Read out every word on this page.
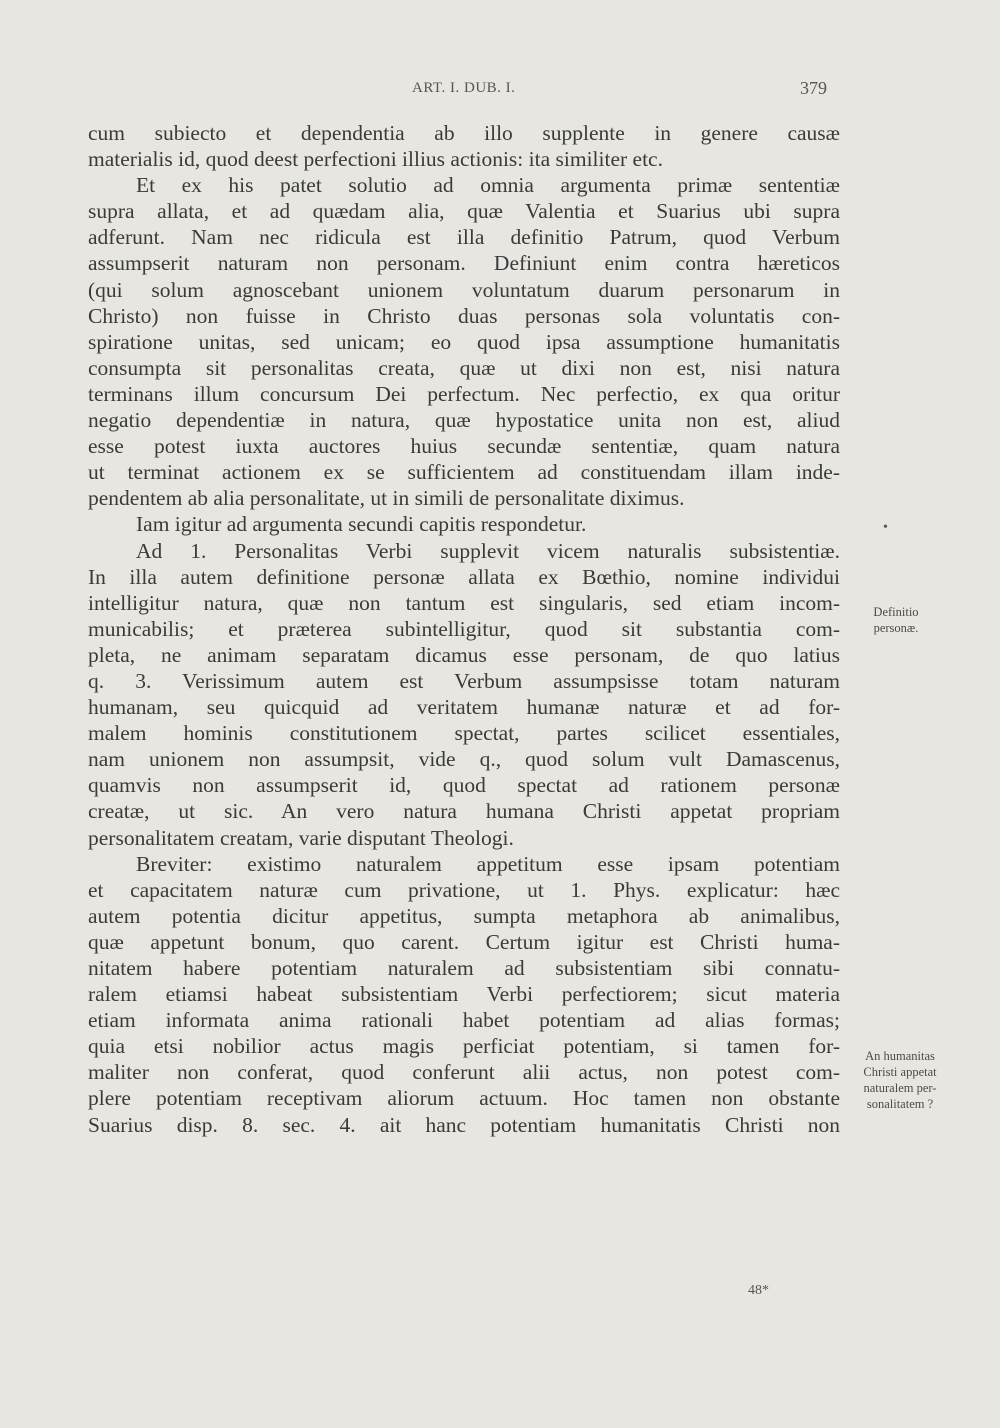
ART. I. DUB. I.	379
cum subiecto et dependentia ab illo supplente in genere causæ
materialis id, quod deest perfectioni illius actionis: ita similiter etc.
Et ex his patet solutio ad omnia argumenta primæ sententiæ
supra allata, et ad quædam alia, quæ Valentia et Suarius ubi supra
adferunt. Nam nec ridicula est illa definitio Patrum, quod Verbum
assumpserit naturam non personam. Definiunt enim contra hæreticos
(qui solum agnoscebant unionem voluntatum duarum personarum in
Christo) non fuisse in Christo duas personas sola voluntatis con-
spiratione unitas, sed unicam; eo quod ipsa assumptione humanitatis
consumpta sit personalitas creata, quæ ut dixi non est, nisi natura
terminans illum concursum Dei perfectum. Nec perfectio, ex qua oritur
negatio dependentiæ in natura, quæ hypostatice unita non est, aliud
esse potest iuxta auctores huius secundæ sententiæ, quam natura
ut terminat actionem ex se sufficientem ad constituendam illam inde-
pendentem ab alia personalitate, ut in simili de personalitate diximus.
Iam igitur ad argumenta secundi capitis respondetur.
Ad 1. Personalitas Verbi supplevit vicem naturalis subsistentiæ.
In illa autem definitione personæ allata ex Bœthio, nomine individui
intelligitur natura, quæ non tantum est singularis, sed etiam incom-
municabilis; et præterea subintelligitur, quod sit substantia com-
pleta, ne animam separatam dicamus esse personam, de quo latius
q. 3. Verissimum autem est Verbum assumpsisse totam naturam
humanam, seu quicquid ad veritatem humanæ naturæ et ad for-
malem hominis constitutionem spectat, partes scilicet essentiales,
nam unionem non assumpsit, vide q., quod solum vult Damascenus,
quamvis non assumpserit id, quod spectat ad rationem personæ
creatæ, ut sic. An vero natura humana Christi appetat propriam
personalitatem creatam, varie disputant Theologi.
Breviter: existimo naturalem appetitum esse ipsam potentiam
et capacitatem naturæ cum privatione, ut 1. Phys. explicatur: hæc
autem potentia dicitur appetitus, sumpta metaphora ab animalibus,
quæ appetunt bonum, quo carent. Certum igitur est Christi huma-
nitatem habere potentiam naturalem ad subsistentiam sibi connatu-
ralem etiamsi habeat subsistentiam Verbi perfectiorem; sicut materia
etiam informata anima rationali habet potentiam ad alias formas;
quia etsi nobilior actus magis perficiat potentiam, si tamen for-
maliter non conferat, quod conferunt alii actus, non potest com-
plere potentiam receptivam aliorum actuum. Hoc tamen non obstante
Suarius disp. 8. sec. 4. ait hanc potentiam humanitatis Christi non
•
Definitio
personæ.
An humanitas
Christi appetat
naturalem per-
sonalitatem ?
48*
